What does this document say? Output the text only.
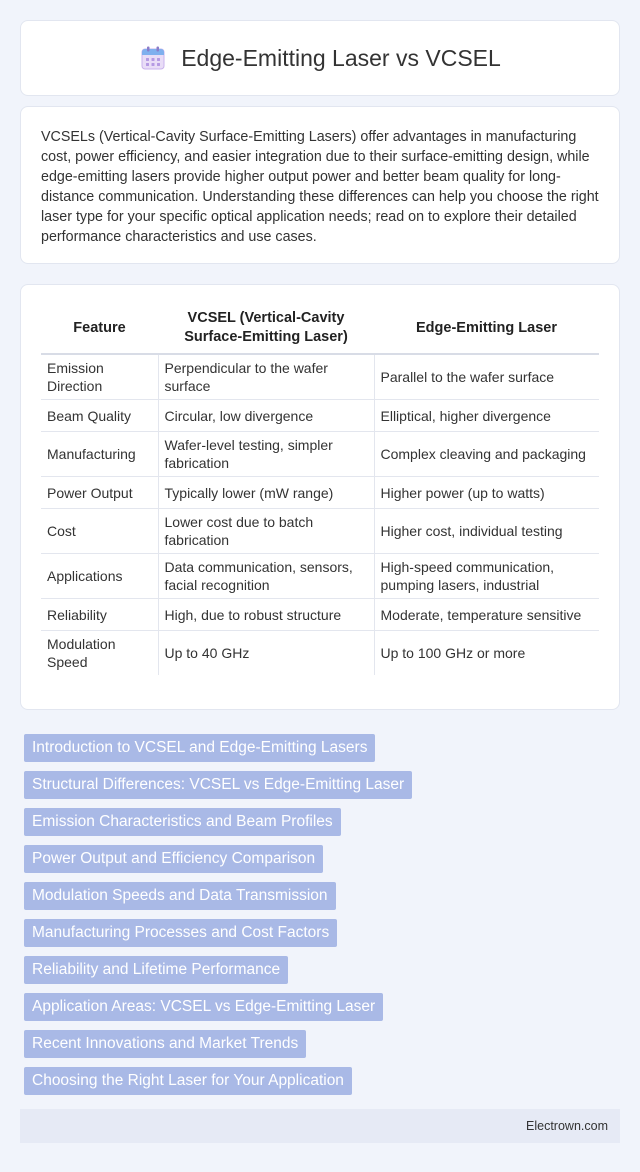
Edge-Emitting Laser vs VCSEL

VCSELs (Vertical-Cavity Surface-Emitting Lasers) offer advantages in manufacturing cost, power efficiency, and easier integration due to their surface-emitting design, while edge-emitting lasers provide higher output power and better beam quality for long-distance communication. Understanding these differences can help you choose the right laser type for your specific optical application needs; read on to explore their detailed performance characteristics and use cases.

Feature	VCSEL (Vertical-Cavity Surface-Emitting Laser)	Edge-Emitting Laser
Emission Direction	Perpendicular to the wafer surface	Parallel to the wafer surface
Beam Quality	Circular, low divergence	Elliptical, higher divergence
Manufacturing	Wafer-level testing, simpler fabrication	Complex cleaving and packaging
Power Output	Typically lower (mW range)	Higher power (up to watts)
Cost	Lower cost due to batch fabrication	Higher cost, individual testing
Applications	Data communication, sensors, facial recognition	High-speed communication, pumping lasers, industrial
Reliability	High, due to robust structure	Moderate, temperature sensitive
Modulation Speed	Up to 40 GHz	Up to 100 GHz or more
Introduction to VCSEL and Edge-Emitting Lasers
Structural Differences: VCSEL vs Edge-Emitting Laser
Emission Characteristics and Beam Profiles
Power Output and Efficiency Comparison
Modulation Speeds and Data Transmission
Manufacturing Processes and Cost Factors
Reliability and Lifetime Performance
Application Areas: VCSEL vs Edge-Emitting Laser
Recent Innovations and Market Trends
Choosing the Right Laser for Your Application
Electrown.com
